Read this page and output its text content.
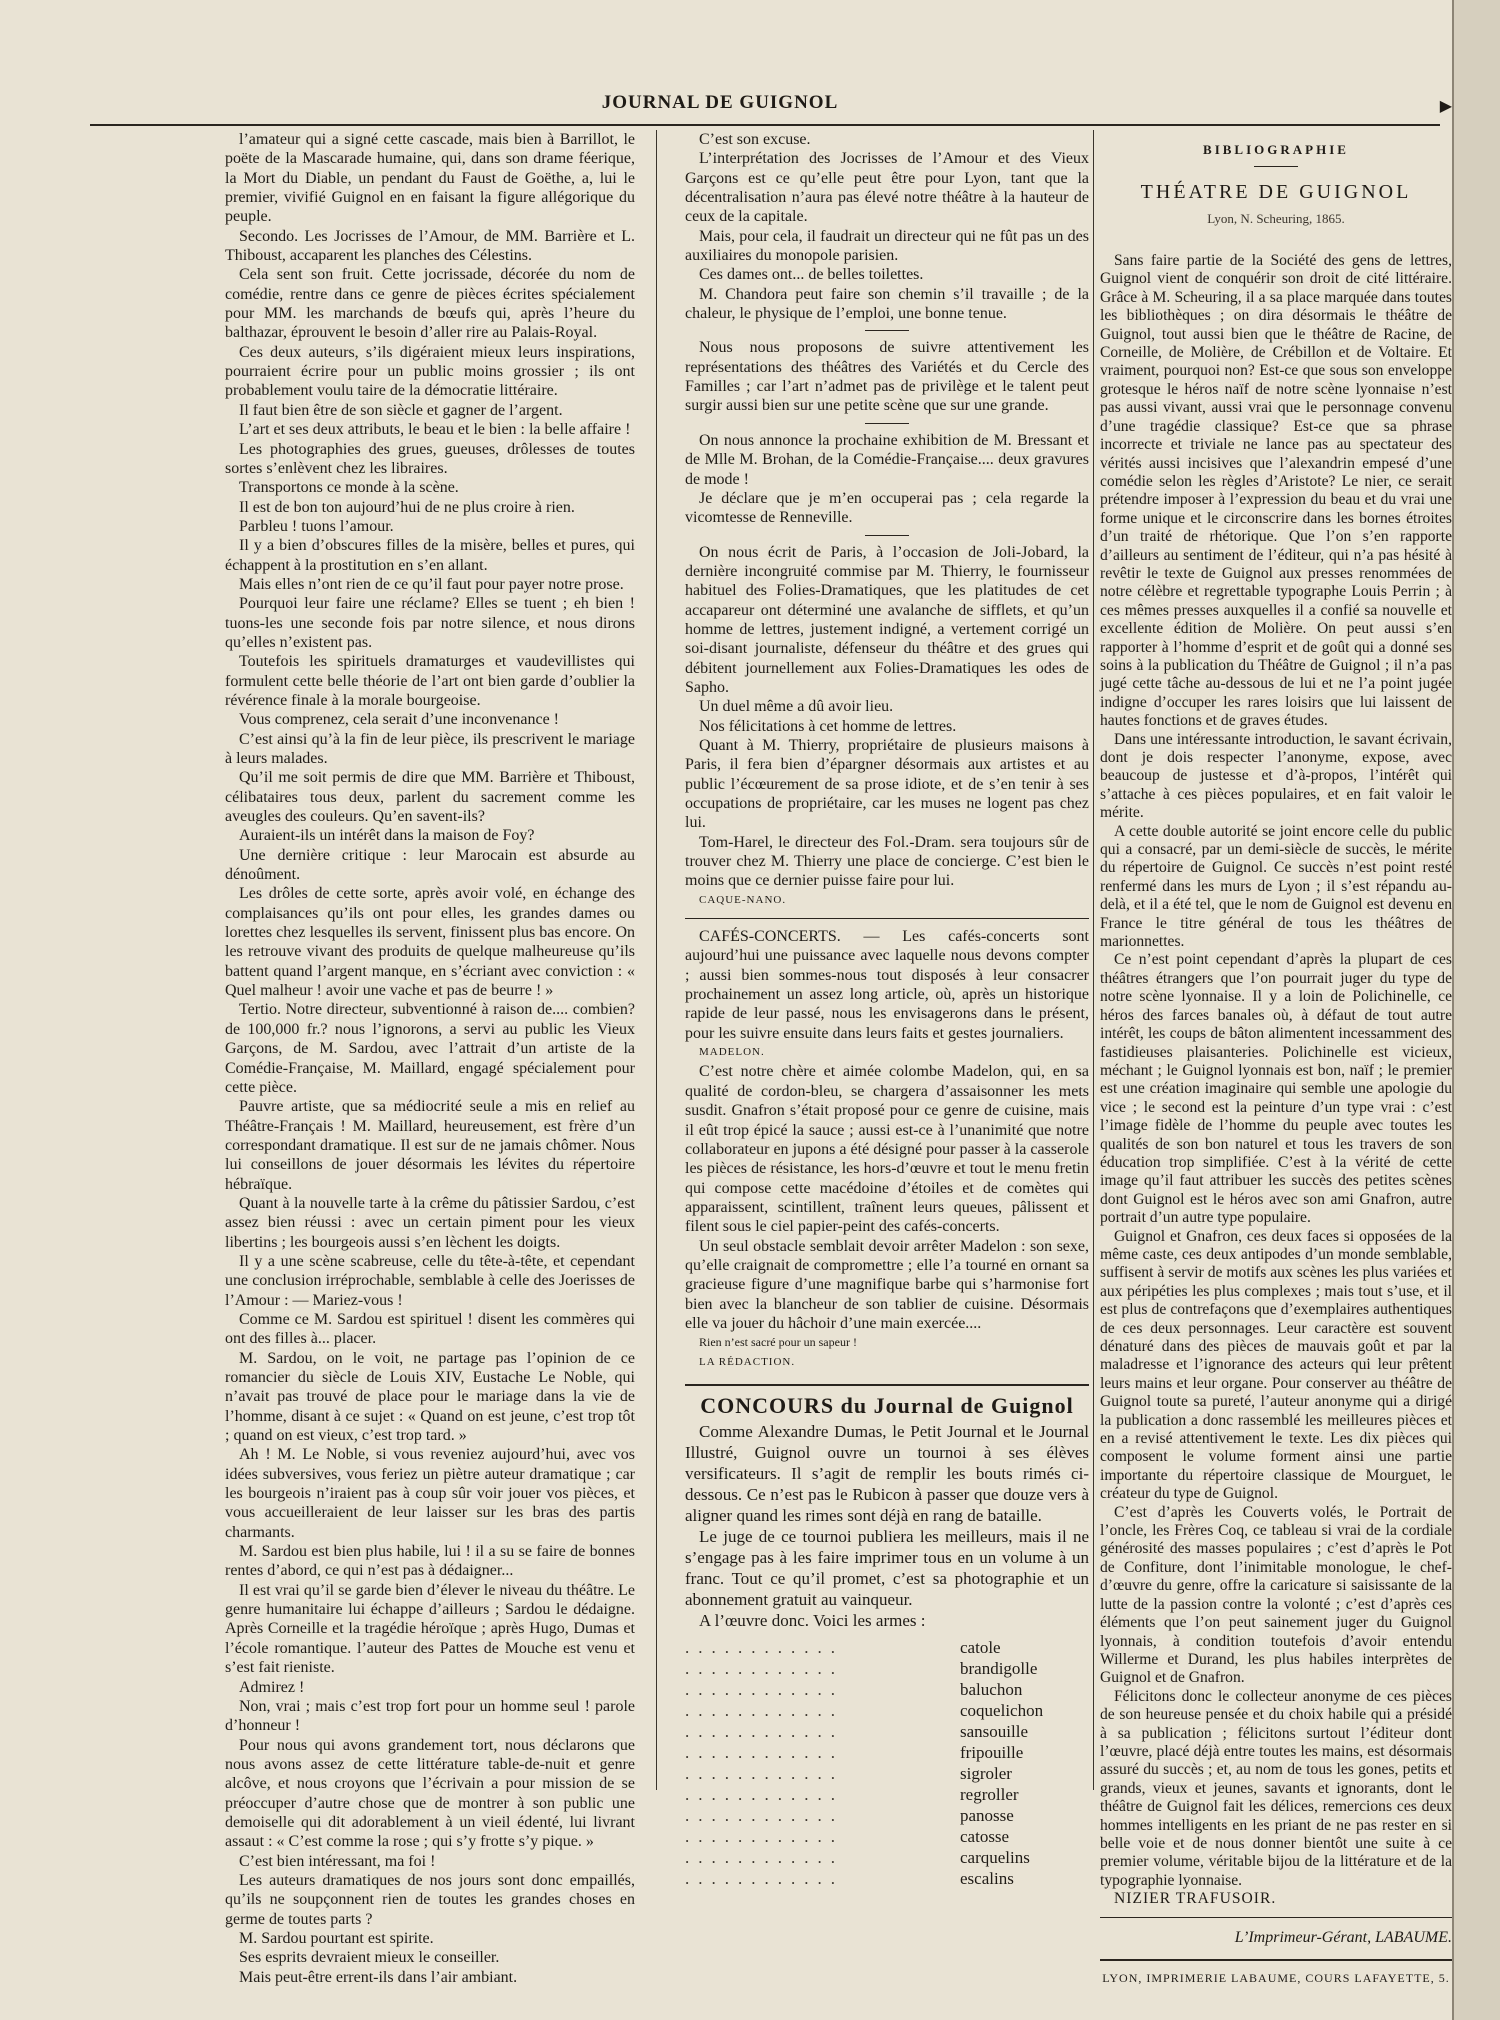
JOURNAL DE GUIGNOL	▶

l’amateur qui a signé cette cascade, mais bien à Barrillot, le poëte de la Mascarade humaine, qui, dans son drame féerique, la Mort du Diable, un pendant du Faust de Goëthe, a, lui le premier, vivifié Guignol en en faisant la figure allégorique du peuple.

Secondo. Les Jocrisses de l’Amour, de MM. Barrière et L. Thiboust, accaparent les planches des Célestins.

Cela sent son fruit. Cette jocrissade, décorée du nom de comédie, rentre dans ce genre de pièces écrites spécialement pour MM. les marchands de bœufs qui, après l’heure du balthazar, éprouvent le besoin d’aller rire au Palais-Royal.

Ces deux auteurs, s’ils digéraient mieux leurs inspirations, pourraient écrire pour un public moins grossier ; ils ont probablement voulu taire de la démocratie littéraire.

Il faut bien être de son siècle et gagner de l’argent.

L’art et ses deux attributs, le beau et le bien : la belle affaire !

Les photographies des grues, gueuses, drôlesses de toutes sortes s’enlèvent chez les libraires.

Transportons ce monde à la scène.

Il est de bon ton aujourd’hui de ne plus croire à rien.

Parbleu ! tuons l’amour.

Il y a bien d’obscures filles de la misère, belles et pures, qui échappent à la prostitution en s’en allant.

Mais elles n’ont rien de ce qu’il faut pour payer notre prose.

Pourquoi leur faire une réclame? Elles se tuent ; eh bien ! tuons-les une seconde fois par notre silence, et nous dirons qu’elles n’existent pas.

Toutefois les spirituels dramaturges et vaudevillistes qui formulent cette belle théorie de l’art ont bien garde d’oublier la révérence finale à la morale bourgeoise.

Vous comprenez, cela serait d’une inconvenance !

C’est ainsi qu’à la fin de leur pièce, ils prescrivent le mariage à leurs malades.

Qu’il me soit permis de dire que MM. Barrière et Thiboust, célibataires tous deux, parlent du sacrement comme les aveugles des couleurs. Qu’en savent-ils?

Auraient-ils un intérêt dans la maison de Foy?

Une dernière critique : leur Marocain est absurde au dénoûment.

Les drôles de cette sorte, après avoir volé, en échange des complaisances qu’ils ont pour elles, les grandes dames ou lorettes chez lesquelles ils servent, finissent plus bas encore. On les retrouve vivant des produits de quelque malheureuse qu’ils battent quand l’argent manque, en s’écriant avec conviction : « Quel malheur ! avoir une vache et pas de beurre ! »

Tertio. Notre directeur, subventionné à raison de.... combien? de 100,000 fr.? nous l’ignorons, a servi au public les Vieux Garçons, de M. Sardou, avec l’attrait d’un artiste de la Comédie-Française, M. Maillard, engagé spécialement pour cette pièce.

Pauvre artiste, que sa médiocrité seule a mis en relief au Théâtre-Français ! M. Maillard, heureusement, est frère d’un correspondant dramatique. Il est sur de ne jamais chômer. Nous lui conseillons de jouer désormais les lévites du répertoire hébraïque.

Quant à la nouvelle tarte à la crême du pâtissier Sardou, c’est assez bien réussi : avec un certain piment pour les vieux libertins ; les bourgeois aussi s’en lèchent les doigts.

Il y a une scène scabreuse, celle du tête-à-tête, et cependant une conclusion irréprochable, semblable à celle des Joerisses de l’Amour : — Mariez-vous !

Comme ce M. Sardou est spirituel ! disent les commères qui ont des filles à... placer.

M. Sardou, on le voit, ne partage pas l’opinion de ce romancier du siècle de Louis XIV, Eustache Le Noble, qui n’avait pas trouvé de place pour le mariage dans la vie de l’homme, disant à ce sujet : « Quand on est jeune, c’est trop tôt ; quand on est vieux, c’est trop tard. »

Ah ! M. Le Noble, si vous reveniez aujourd’hui, avec vos idées subversives, vous feriez un piètre auteur dramatique ; car les bourgeois n’iraient pas à coup sûr voir jouer vos pièces, et vous accueilleraient de leur laisser sur les bras des partis charmants.

M. Sardou est bien plus habile, lui ! il a su se faire de bonnes rentes d’abord, ce qui n’est pas à dédaigner...

Il est vrai qu’il se garde bien d’élever le niveau du théâtre. Le genre humanitaire lui échappe d’ailleurs ; Sardou le dédaigne. Après Corneille et la tragédie héroïque ; après Hugo, Dumas et l’école romantique. l’auteur des Pattes de Mouche est venu et s’est fait rieniste.

Admirez !

Non, vrai ; mais c’est trop fort pour un homme seul ! parole d’honneur !

Pour nous qui avons grandement tort, nous déclarons que nous avons assez de cette littérature table-de-nuit et genre alcôve, et nous croyons que l’écrivain a pour mission de se préoccuper d’autre chose que de montrer à son public une demoiselle qui dit adorablement à un vieil édenté, lui livrant assaut : « C’est comme la rose ; qui s’y frotte s’y pique. »

C’est bien intéressant, ma foi !

Les auteurs dramatiques de nos jours sont donc empaillés, qu’ils ne soupçonnent rien de toutes les grandes choses en germe de toutes parts ?

M. Sardou pourtant est spirite.

Ses esprits devraient mieux le conseiller.

Mais peut-être errent-ils dans l’air ambiant.

C’est son excuse.

L’interprétation des Jocrisses de l’Amour et des Vieux Garçons est ce qu’elle peut être pour Lyon, tant que la décentralisation n’aura pas élevé notre théâtre à la hauteur de ceux de la capitale.

Mais, pour cela, il faudrait un directeur qui ne fût pas un des auxiliaires du monopole parisien.

Ces dames ont... de belles toilettes.

M. Chandora peut faire son chemin s’il travaille ; de la chaleur, le physique de l’emploi, une bonne tenue.

Nous nous proposons de suivre attentivement les représentations des théâtres des Variétés et du Cercle des Familles ; car l’art n’admet pas de privilège et le talent peut surgir aussi bien sur une petite scène que sur une grande.

On nous annonce la prochaine exhibition de M. Bressant et de Mlle M. Brohan, de la Comédie-Française.... deux gravures de mode !

Je déclare que je m’en occuperai pas ; cela regarde la vicomtesse de Renneville.

On nous écrit de Paris, à l’occasion de Joli-Jobard, la dernière incongruité commise par M. Thierry, le fournisseur habituel des Folies-Dramatiques, que les platitudes de cet accapareur ont déterminé une avalanche de sifflets, et qu’un homme de lettres, justement indigné, a vertement corrigé un soi-disant journaliste, défenseur du théâtre et des grues qui débitent journellement aux Folies-Dramatiques les odes de Sapho.

Un duel même a dû avoir lieu.

Nos félicitations à cet homme de lettres.

Quant à M. Thierry, propriétaire de plusieurs maisons à Paris, il fera bien d’épargner désormais aux artistes et au public l’écœurement de sa prose idiote, et de s’en tenir à ses occupations de propriétaire, car les muses ne logent pas chez lui.

Tom-Harel, le directeur des Fol.-Dram. sera toujours sûr de trouver chez M. Thierry une place de concierge. C’est bien le moins que ce dernier puisse faire pour lui.

CAQUE-NANO.

CAFÉS-CONCERTS. — Les cafés-concerts sont aujourd’hui une puissance avec laquelle nous devons compter ; aussi bien sommes-nous tout disposés à leur consacrer prochainement un assez long article, où, après un historique rapide de leur passé, nous les envisagerons dans le présent, pour les suivre ensuite dans leurs faits et gestes journaliers.

MADELON.

C’est notre chère et aimée colombe Madelon, qui, en sa qualité de cordon-bleu, se chargera d’assaisonner les mets susdit. Gnafron s’était proposé pour ce genre de cuisine, mais il eût trop épicé la sauce ; aussi est-ce à l’unanimité que notre collaborateur en jupons a été désigné pour passer à la casserole les pièces de résistance, les hors-d’œuvre et tout le menu fretin qui compose cette macédoine d’étoiles et de comètes qui apparaissent, scintillent, traînent leurs queues, pâlissent et filent sous le ciel papier-peint des cafés-concerts.

Un seul obstacle semblait devoir arrêter Madelon : son sexe, qu’elle craignait de compromettre ; elle l’a tourné en ornant sa gracieuse figure d’une magnifique barbe qui s’harmonise fort bien avec la blancheur de son tablier de cuisine. Désormais elle va jouer du hâchoir d’une main exercée....

Rien n’est sacré pour un sapeur !

LA RÉDACTION.

CONCOURS du Journal de Guignol

Comme Alexandre Dumas, le Petit Journal et le Journal Illustré, Guignol ouvre un tournoi à ses élèves versificateurs. Il s’agit de remplir les bouts rimés ci-dessous. Ce n’est pas le Rubicon à passer que douze vers à aligner quand les rimes sont déjà en rang de bataille.

Le juge de ce tournoi publiera les meilleurs, mais il ne s’engage pas à les faire imprimer tous en un volume à un franc. Tout ce qu’il promet, c’est sa photographie et un abonnement gratuit au vainqueur.

A l’œuvre donc. Voici les armes :

............	catole
............	brandigolle
............	baluchon
............	coquelichon
............	sansouille
............	fripouille
............	sigroler
............	regroller
............	panosse
............	catosse
............	carquelins
............	escalins
BIBLIOGRAPHIE
THÉATRE DE GUIGNOL
Lyon, N. Scheuring, 1865.

Sans faire partie de la Société des gens de lettres, Guignol vient de conquérir son droit de cité littéraire. Grâce à M. Scheuring, il a sa place marquée dans toutes les bibliothèques ; on dira désormais le théâtre de Guignol, tout aussi bien que le théâtre de Racine, de Corneille, de Molière, de Crébillon et de Voltaire. Et vraiment, pourquoi non? Est-ce que sous son enveloppe grotesque le héros naïf de notre scène lyonnaise n’est pas aussi vivant, aussi vrai que le personnage convenu d’une tragédie classique? Est-ce que sa phrase incorrecte et triviale ne lance pas au spectateur des vérités aussi incisives que l’alexandrin empesé d’une comédie selon les règles d’Aristote? Le nier, ce serait prétendre imposer à l’expression du beau et du vrai une forme unique et le circonscrire dans les bornes étroites d’un traité de rhétorique. Que l’on s’en rapporte d’ailleurs au sentiment de l’éditeur, qui n’a pas hésité à revêtir le texte de Guignol aux presses renommées de notre célèbre et regrettable typographe Louis Perrin ; à ces mêmes presses auxquelles il a confié sa nouvelle et excellente édition de Molière. On peut aussi s’en rapporter à l’homme d’esprit et de goût qui a donné ses soins à la publication du Théâtre de Guignol ; il n’a pas jugé cette tâche au-dessous de lui et ne l’a point jugée indigne d’occuper les rares loisirs que lui laissent de hautes fonctions et de graves études.

Dans une intéressante introduction, le savant écrivain, dont je dois respecter l’anonyme, expose, avec beaucoup de justesse et d’à-propos, l’intérêt qui s’attache à ces pièces populaires, et en fait valoir le mérite.

A cette double autorité se joint encore celle du public qui a consacré, par un demi-siècle de succès, le mérite du répertoire de Guignol. Ce succès n’est point resté renfermé dans les murs de Lyon ; il s’est répandu au-delà, et il a été tel, que le nom de Guignol est devenu en France le titre général de tous les théâtres de marionnettes.

Ce n’est point cependant d’après la plupart de ces théâtres étrangers que l’on pourrait juger du type de notre scène lyonnaise. Il y a loin de Polichinelle, ce héros des farces banales où, à défaut de tout autre intérêt, les coups de bâton alimentent incessamment des fastidieuses plaisanteries. Polichinelle est vicieux, méchant ; le Guignol lyonnais est bon, naïf ; le premier est une création imaginaire qui semble une apologie du vice ; le second est la peinture d’un type vrai : c’est l’image fidèle de l’homme du peuple avec toutes les qualités de son bon naturel et tous les travers de son éducation trop simplifiée. C’est à la vérité de cette image qu’il faut attribuer les succès des petites scènes dont Guignol est le héros avec son ami Gnafron, autre portrait d’un autre type populaire.

Guignol et Gnafron, ces deux faces si opposées de la même caste, ces deux antipodes d’un monde semblable, suffisent à servir de motifs aux scènes les plus variées et aux péripéties les plus complexes ; mais tout s’use, et il est plus de contrefaçons que d’exemplaires authentiques de ces deux personnages. Leur caractère est souvent dénaturé dans des pièces de mauvais goût et par la maladresse et l’ignorance des acteurs qui leur prêtent leurs mains et leur organe. Pour conserver au théâtre de Guignol toute sa pureté, l’auteur anonyme qui a dirigé la publication a donc rassemblé les meilleures pièces et en a revisé attentivement le texte. Les dix pièces qui composent le volume forment ainsi une partie importante du répertoire classique de Mourguet, le créateur du type de Guignol.

C’est d’après les Couverts volés, le Portrait de l’oncle, les Frères Coq, ce tableau si vrai de la cordiale générosité des masses populaires ; c’est d’après le Pot de Confiture, dont l’inimitable monologue, le chef-d’œuvre du genre, offre la caricature si saisissante de la lutte de la passion contre la volonté ; c’est d’après ces éléments que l’on peut sainement juger du Guignol lyonnais, à condition toutefois d’avoir entendu Willerme et Durand, les plus habiles interprètes de Guignol et de Gnafron.

Félicitons donc le collecteur anonyme de ces pièces de son heureuse pensée et du choix habile qui a présidé à sa publication ; félicitons surtout l’éditeur dont l’œuvre, placé déjà entre toutes les mains, est désormais assuré du succès ; et, au nom de tous les gones, petits et grands, vieux et jeunes, savants et ignorants, dont le théâtre de Guignol fait les délices, remercions ces deux hommes intelligents en les priant de ne pas rester en si belle voie et de nous donner bientôt une suite à ce premier volume, véritable bijou de la littérature et de la typographie lyonnaise.

NIZIER TRAFUSOIR.

L’Imprimeur-Gérant, LABAUME.
LYON, IMPRIMERIE LABAUME, COURS LAFAYETTE, 5.
